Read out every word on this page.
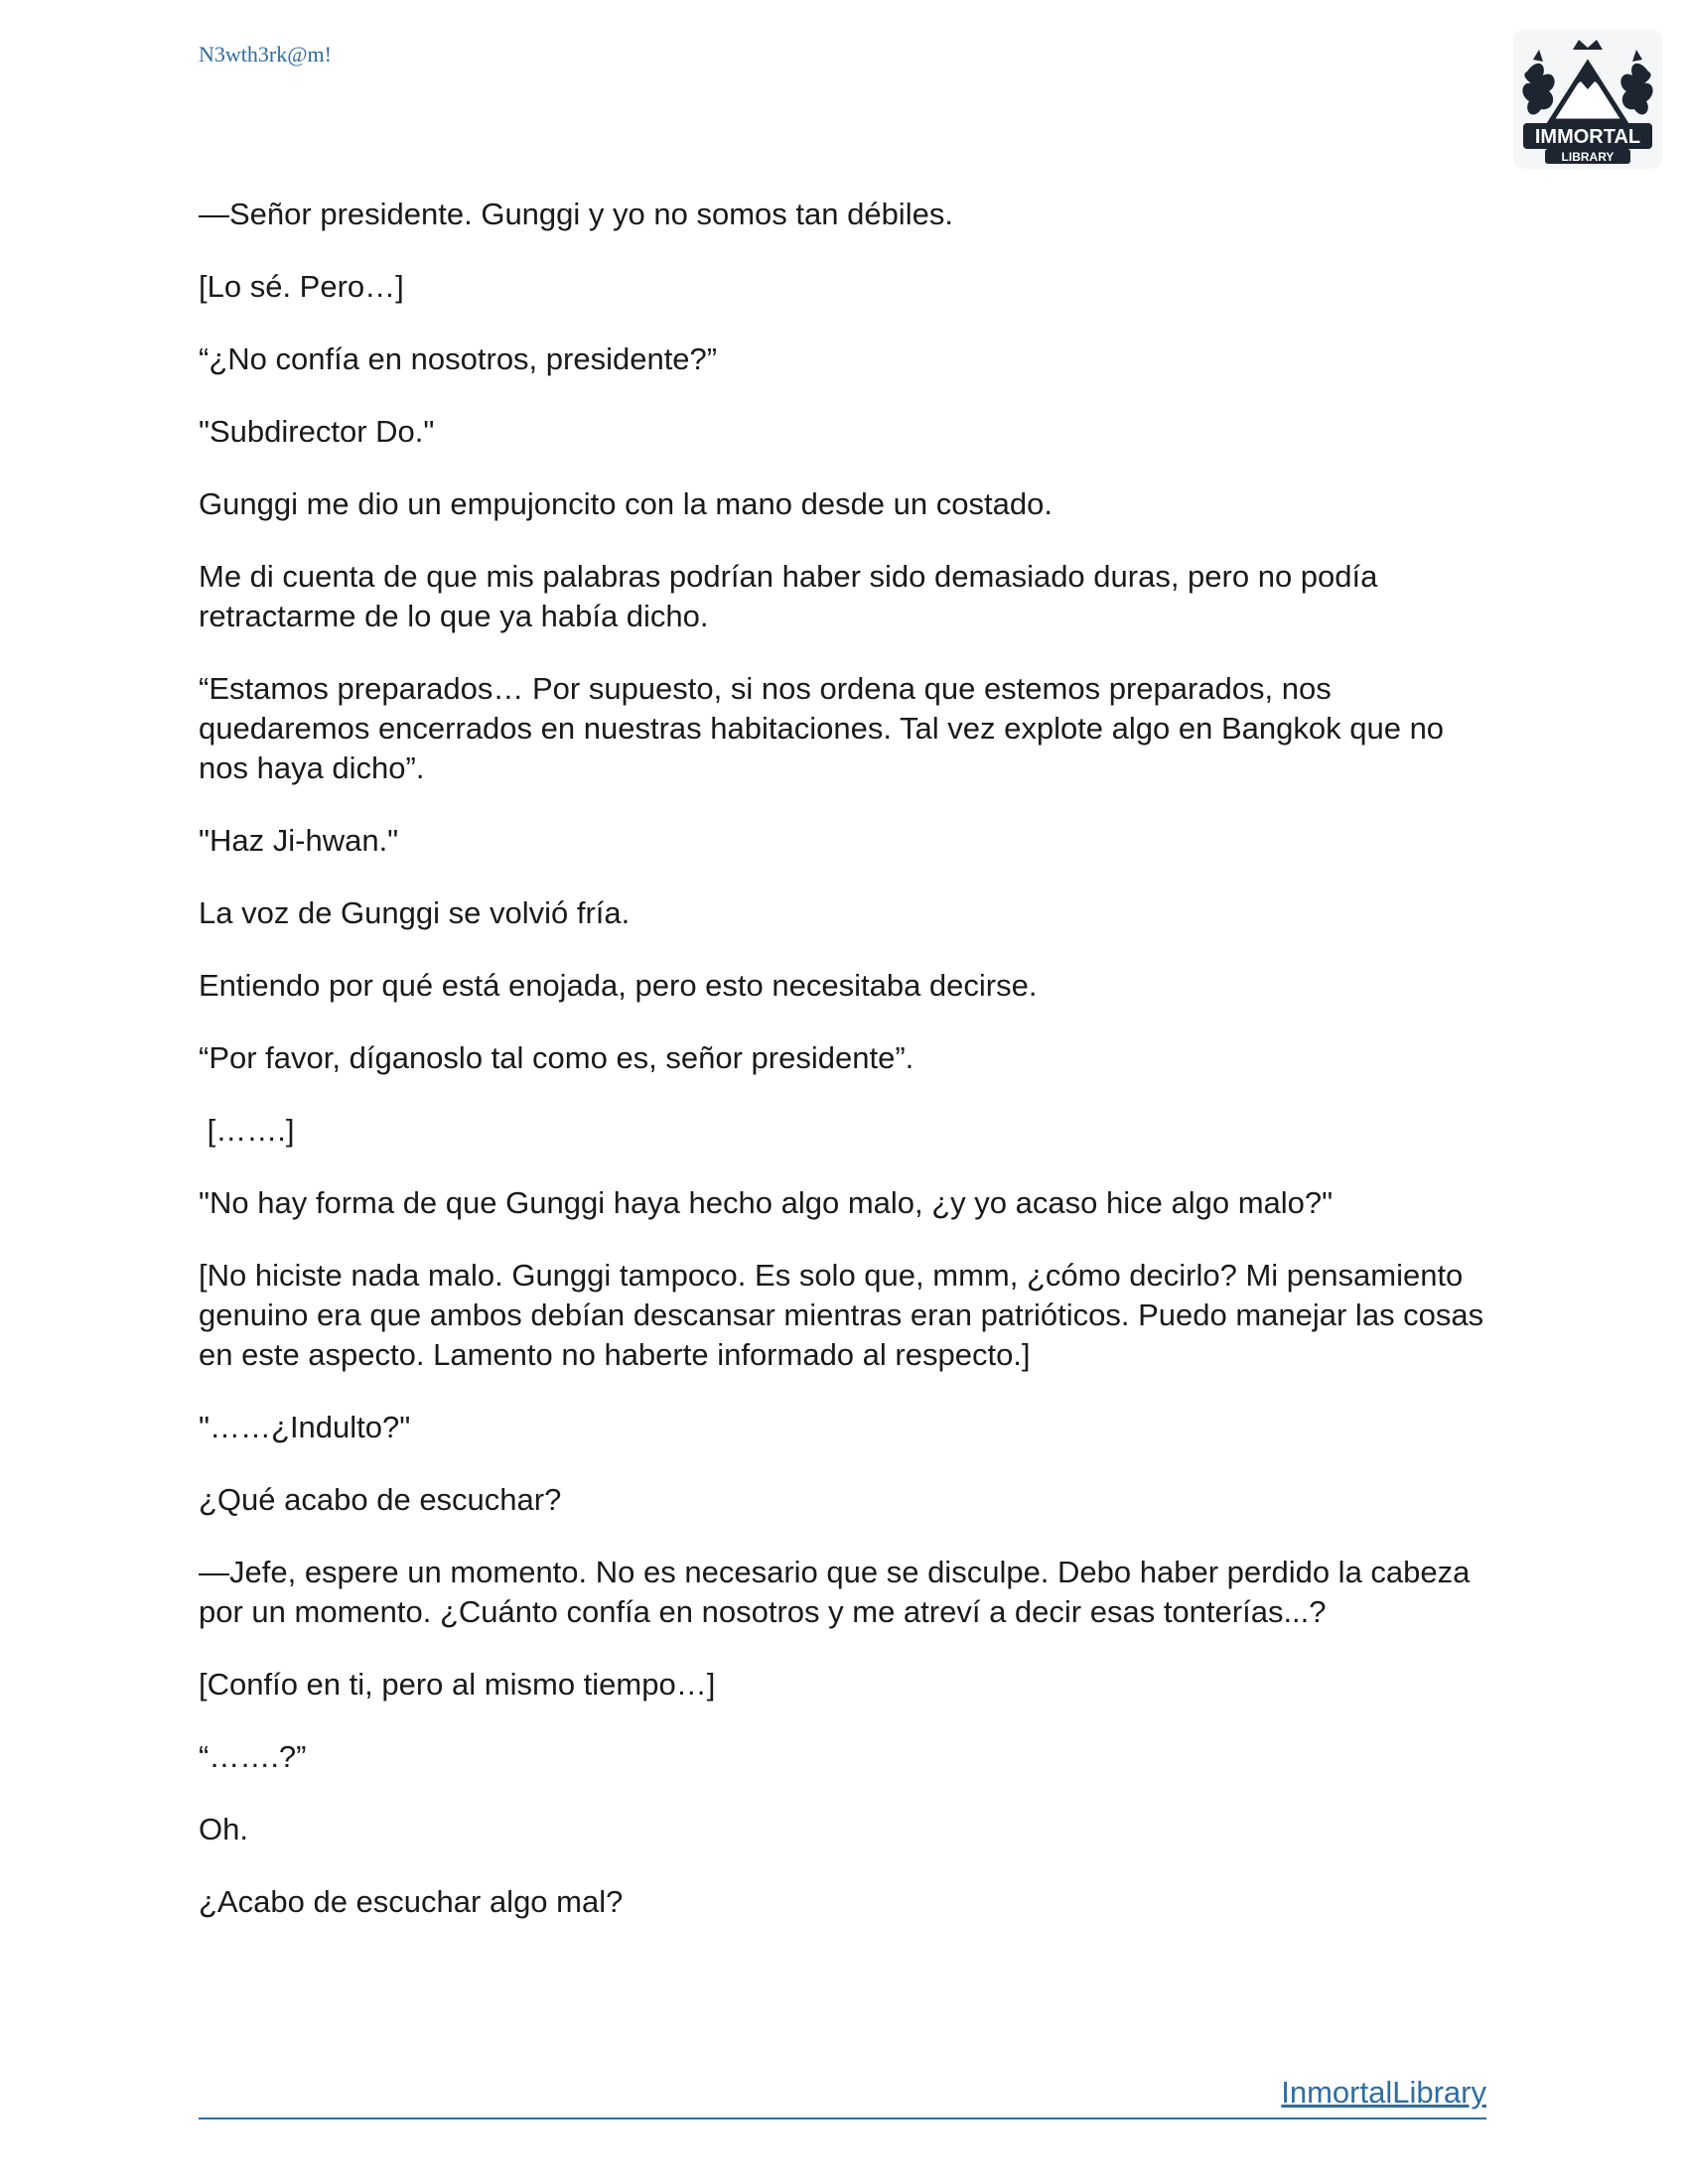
N3wth3rk@m!
IMMORTAL
LIBRARY

—Señor presidente. Gunggi y yo no somos tan débiles.

[Lo sé. Pero…]

“¿No confía en nosotros, presidente?”

"Subdirector Do."

Gunggi me dio un empujoncito con la mano desde un costado.

Me di cuenta de que mis palabras podrían haber sido demasiado duras, pero no podía retractarme de lo que ya había dicho.

“Estamos preparados… Por supuesto, si nos ordena que estemos preparados, nos quedaremos encerrados en nuestras habitaciones. Tal vez explote algo en Bangkok que no nos haya dicho”.

"Haz Ji-hwan."

La voz de Gunggi se volvió fría.

Entiendo por qué está enojada, pero esto necesitaba decirse.

“Por favor, díganoslo tal como es, señor presidente”.

[…….]

"No hay forma de que Gunggi haya hecho algo malo, ¿y yo acaso hice algo malo?"

[No hiciste nada malo. Gunggi tampoco. Es solo que, mmm, ¿cómo decirlo? Mi pensamiento genuino era que ambos debían descansar mientras eran patrióticos. Puedo manejar las cosas en este aspecto. Lamento no haberte informado al respecto.]

"……¿Indulto?"

¿Qué acabo de escuchar?

—Jefe, espere un momento. No es necesario que se disculpe. Debo haber perdido la cabeza por un momento. ¿Cuánto confía en nosotros y me atreví a decir esas tonterías...?

[Confío en ti, pero al mismo tiempo…]

“…….?”

Oh.

¿Acabo de escuchar algo mal?

InmortalLibrary
